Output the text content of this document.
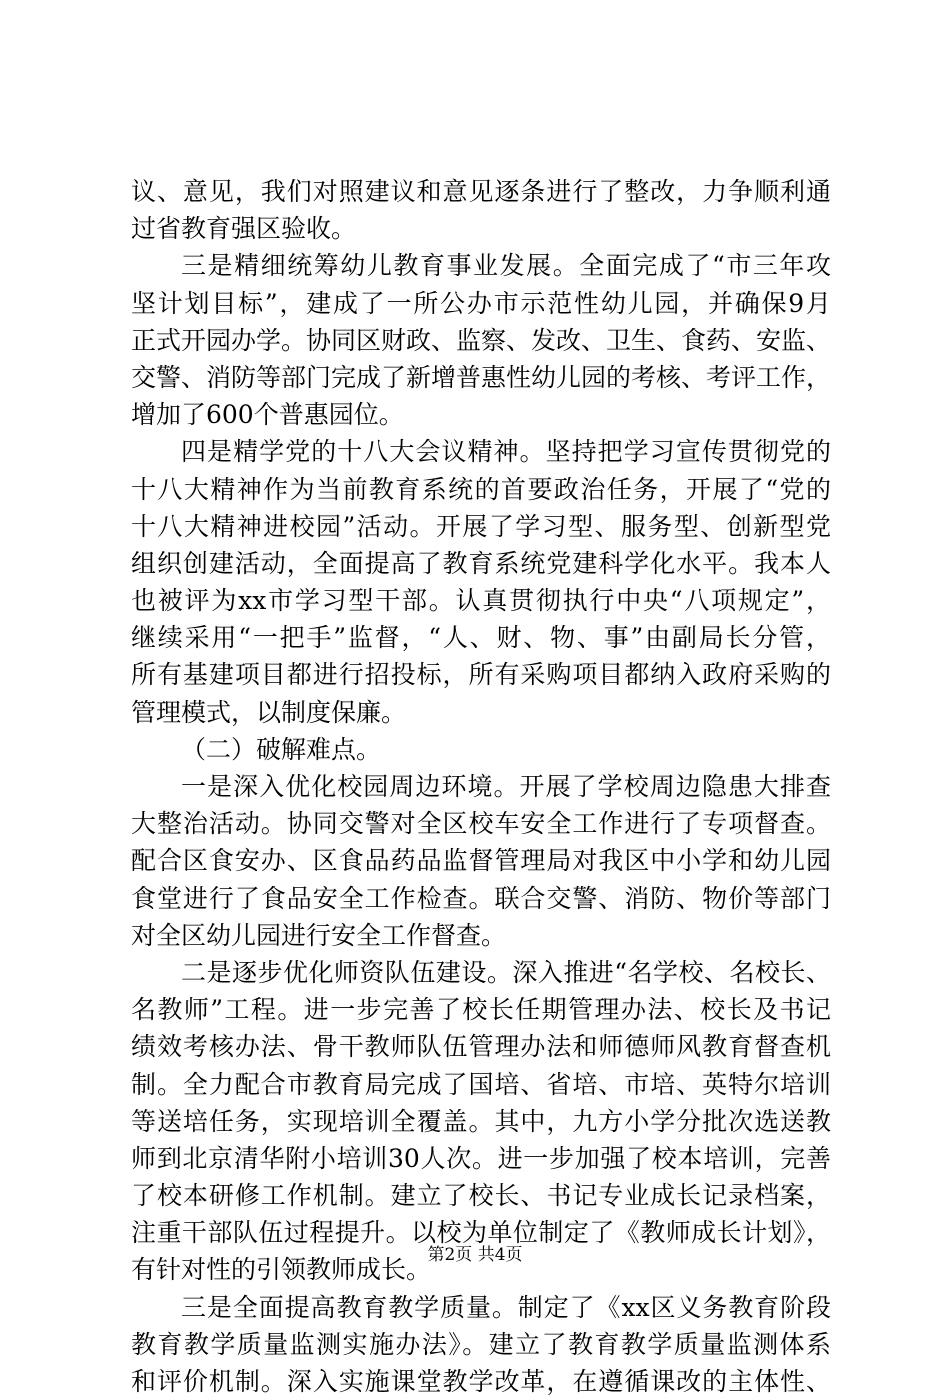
议、意见，我们对照建议和意见逐条进行了整改，力争顺利通
过省教育强区验收。
三是精细统筹幼儿教育事业发展。全面完成了“市三年攻
坚计划目标”，建成了一所公办市示范性幼儿园，并确保9月
正式开园办学。协同区财政、监察、发改、卫生、食药、安监、
交警、消防等部门完成了新增普惠性幼儿园的考核、考评工作，
增加了600个普惠园位。
四是精学党的十八大会议精神。坚持把学习宣传贯彻党的
十八大精神作为当前教育系统的首要政治任务，开展了“党的
十八大精神进校园”活动。开展了学习型、服务型、创新型党
组织创建活动，全面提高了教育系统党建科学化水平。我本人
也被评为xx市学习型干部。认真贯彻执行中央“八项规定”，
继续采用“一把手”监督，“人、财、物、事”由副局长分管，
所有基建项目都进行招投标，所有采购项目都纳入政府采购的
管理模式，以制度保廉。
（二）破解难点。
一是深入优化校园周边环境。开展了学校周边隐患大排查
大整治活动。协同交警对全区校车安全工作进行了专项督查。
配合区食安办、区食品药品监督管理局对我区中小学和幼儿园
食堂进行了食品安全工作检查。联合交警、消防、物价等部门
对全区幼儿园进行安全工作督查。
二是逐步优化师资队伍建设。深入推进“名学校、名校长、
名教师”工程。进一步完善了校长任期管理办法、校长及书记
绩效考核办法、骨干教师队伍管理办法和师德师风教育督查机
制。全力配合市教育局完成了国培、省培、市培、英特尔培训
等送培任务，实现培训全覆盖。其中，九方小学分批次选送教
师到北京清华附小培训30人次。进一步加强了校本培训，完善
了校本研修工作机制。建立了校长、书记专业成长记录档案，
注重干部队伍过程提升。以校为单位制定了《教师成长计划》，
有针对性的引领教师成长。
三是全面提高教育教学质量。制定了《xx区义务教育阶段
教育教学质量监测实施办法》。建立了教育教学质量监测体系
和评价机制。深入实施课堂教学改革，在遵循课改的主体性、
第2页 共4页
